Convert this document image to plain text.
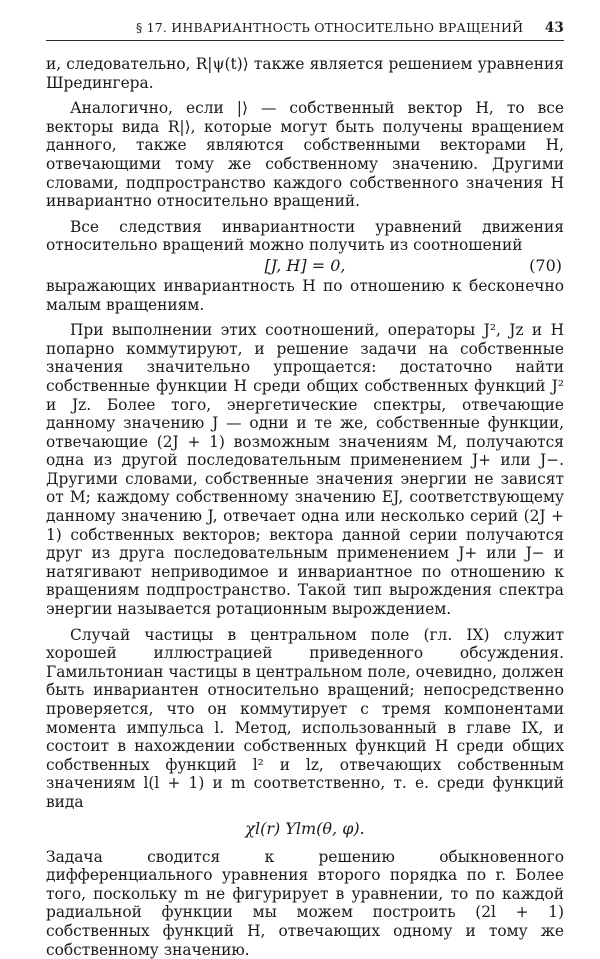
§ 17. ИНВАРИАНТНОСТЬ ОТНОСИТЕЛЬНО ВРАЩЕНИЙ 43

и, следовательно, R|ψ(t)⟩ также является решением уравнения Шредингера.

Аналогично, если |⟩ — собственный вектор H, то все векторы вида R|⟩, которые могут быть получены вращением данного, также являются собственными векторами H, отвечающими тому же собственному значению. Другими словами, подпространство каждого собственного значения H инвариантно относительно вращений.

Все следствия инвариантности уравнений движения относительно вращений можно получить из соотношений

[J, H] = 0,	(70)

выражающих инвариантность H по отношению к бесконечно малым вращениям.

При выполнении этих соотношений, операторы J², Jz и H попарно коммутируют, и решение задачи на собственные значения значительно упрощается: достаточно найти собственные функции H среди общих собственных функций J² и Jz. Более того, энергетические спектры, отвечающие данному значению J — одни и те же, собственные функции, отвечающие (2J + 1) возможным значениям M, получаются одна из другой последовательным применением J+ или J−. Другими словами, собственные значения энергии не зависят от M; каждому собственному значению EJ, соответствующему данному значению J, отвечает одна или несколько серий (2J + 1) собственных векторов; вектора данной серии получаются друг из друга последовательным применением J+ или J− и натягивают неприводимое и инвариантное по отношению к вращениям подпространство. Такой тип вырождения спектра энергии называется ротационным вырождением.

Случай частицы в центральном поле (гл. IX) служит хорошей иллюстрацией приведенного обсуждения. Гамильтониан частицы в центральном поле, очевидно, должен быть инвариантен относительно вращений; непосредственно проверяется, что он коммутирует с тремя компонентами момента импульса l. Метод, использованный в главе IX, и состоит в нахождении собственных функций H среди общих собственных функций l² и lz, отвечающих собственным значениям l(l + 1) и m соответственно, т. е. среди функций вида

χl(r) Ylm(θ, φ).

Задача сводится к решению обыкновенного дифференциального уравнения второго порядка по r. Более того, поскольку m не фигурирует в уравнении, то по каждой радиальной функции мы можем построить (2l + 1) собственных функций H, отвечающих одному и тому же собственному значению.
